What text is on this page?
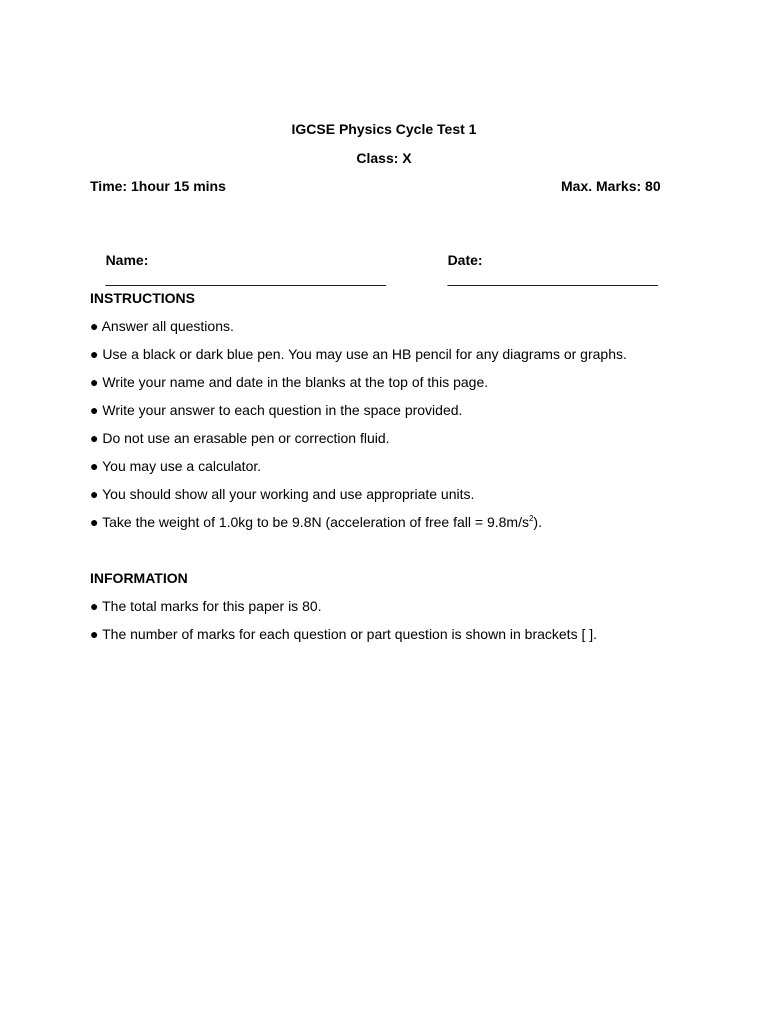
IGCSE Physics Cycle Test 1
Class: X
Time: 1hour 15 mins	Max. Marks: 80

Name:
____________________________________

Date:
___________________________

INSTRUCTIONS
● Answer all questions.
● Use a black or dark blue pen. You may use an HB pencil for any diagrams or graphs.
● Write your name and date in the blanks at the top of this page.
● Write your answer to each question in the space provided.
● Do not use an erasable pen or correction fluid.
● You may use a calculator.
● You should show all your working and use appropriate units.
● Take the weight of 1.0kg to be 9.8N (acceleration of free fall = $9.8m/s^2$).
INFORMATION
● The total marks for this paper is 80.
● The number of marks for each question or part question is shown in brackets [ ].
